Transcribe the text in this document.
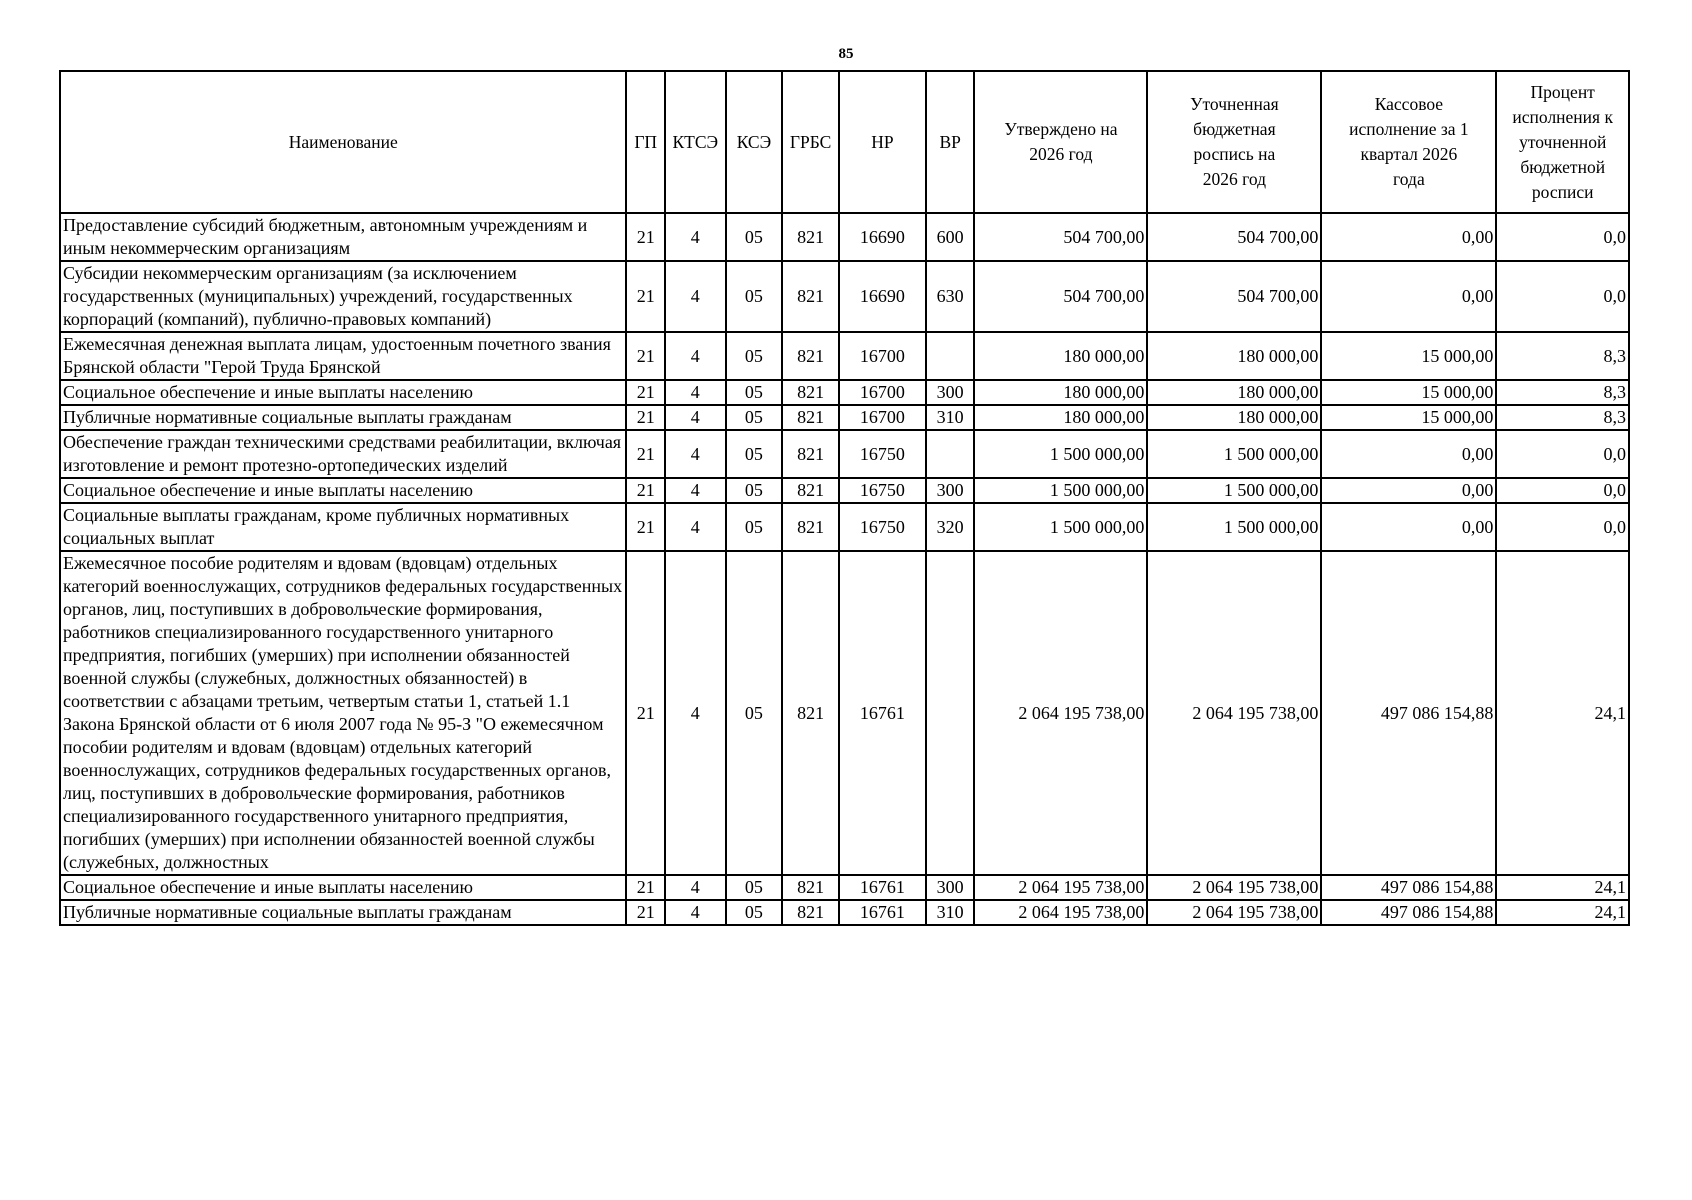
85
Наименование	ГП	КТСЭ	КСЭ	ГРБС	НР	ВР	Утверждено на 2026 год	Уточненная бюджетная роспись на 2026 год	Кассовое исполнение за 1 квартал 2026 года	Процент исполнения к уточненной бюджетной росписи
Предоставление субсидий бюджетным, автономным учреждениям и иным некоммерческим организациям	21	4	05	821	16690	600	504 700,00	504 700,00	0,00	0,0
Субсидии некоммерческим организациям (за исключением государственных (муниципальных) учреждений, государственных корпораций (компаний), публично-правовых компаний)	21	4	05	821	16690	630	504 700,00	504 700,00	0,00	0,0
Ежемесячная денежная выплата лицам, удостоенным почетного звания Брянской области "Герой Труда Брянской	21	4	05	821	16700		180 000,00	180 000,00	15 000,00	8,3
Социальное обеспечение и иные выплаты населению	21	4	05	821	16700	300	180 000,00	180 000,00	15 000,00	8,3
Публичные нормативные социальные выплаты гражданам	21	4	05	821	16700	310	180 000,00	180 000,00	15 000,00	8,3
Обеспечение граждан техническими средствами реабилитации, включая изготовление и ремонт протезно-ортопедических изделий	21	4	05	821	16750		1 500 000,00	1 500 000,00	0,00	0,0
Социальное обеспечение и иные выплаты населению	21	4	05	821	16750	300	1 500 000,00	1 500 000,00	0,00	0,0
Социальные выплаты гражданам, кроме публичных нормативных социальных выплат	21	4	05	821	16750	320	1 500 000,00	1 500 000,00	0,00	0,0
Ежемесячное пособие родителям и вдовам (вдовцам) отдельных категорий военнослужащих, сотрудников федеральных государственных органов, лиц, поступивших в добровольческие формирования, работников специализированного государственного унитарного предприятия, погибших (умерших) при исполнении обязанностей военной службы (служебных, должностных обязанностей) в соответствии с абзацами третьим, четвертым статьи 1, статьей 1.1 Закона Брянской области от 6 июля 2007 года № 95-З "О ежемесячном пособии родителям и вдовам (вдовцам) отдельных категорий военнослужащих, сотрудников федеральных государственных органов, лиц, поступивших в добровольческие формирования, работников специализированного государственного унитарного предприятия, погибших (умерших) при исполнении обязанностей военной службы (служебных, должностных	21	4	05	821	16761		2 064 195 738,00	2 064 195 738,00	497 086 154,88	24,1
Социальное обеспечение и иные выплаты населению	21	4	05	821	16761	300	2 064 195 738,00	2 064 195 738,00	497 086 154,88	24,1
Публичные нормативные социальные выплаты гражданам	21	4	05	821	16761	310	2 064 195 738,00	2 064 195 738,00	497 086 154,88	24,1
